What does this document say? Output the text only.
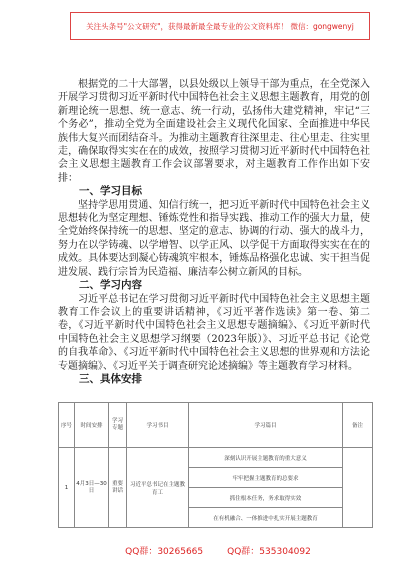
关注头条号"公文研究"，获得最新最全最专业的公文资料库！ 微信：gongwenyj

根据党的二十大部署，以县处级以上领导干部为重点，在全党深入开展学习贯彻习近平新时代中国特色社会主义思想主题教育，用党的创新理论统一思想、统一意志、统一行动，弘扬伟大建党精神，牢记“三个务必”，推动全党为全面建设社会主义现代化国家、全面推进中华民族伟大复兴而团结奋斗。为推动主题教育往深里走、往心里走、往实里走，确保取得实实在在的成效，按照学习贯彻习近平新时代中国特色社会主义思想主题教育工作会议部署要求，对主题教育工作作出如下安排：

一、学习目标

坚持学思用贯通、知信行统一，把习近平新时代中国特色社会主义思想转化为坚定理想、锤炼党性和指导实践、推动工作的强大力量，使全党始终保持统一的思想、坚定的意志、协调的行动、强大的战斗力，努力在以学铸魂、以学增智、以学正风、以学促干方面取得实实在在的成效。具体要达到凝心铸魂筑牢根本，锤炼品格强化忠诚、实干担当促进发展、践行宗旨为民造福、廉洁奉公树立新风的目标。

二、学习内容

习近平总书记在学习贯彻习近平新时代中国特色社会主义思想主题教育工作会议上的重要讲话精神，《习近平著作选读》第一卷、第二卷，《习近平新时代中国特色社会主义思想专题摘编》、《习近平新时代中国特色社会主义思想学习纲要（2023年版）》、习近平总书记《论党的自我革命》、《习近平新时代中国特色社会主义思想的世界观和方法论专题摘编》、《习近平关于调查研究论述摘编》等主题教育学习材料。

三、具体安排

序号	时间安排	学习专题	学习书目	学习篇目	备注
1	4月3日—30日	重要讲话	习近平总书记在主题教育工	深刻认识开展主题教育的重大意义	
				牢牢把握主题教育的总要求	
				抓住根本任务，务求取得实效	
				在有机融合、一体推进中扎实开展主题教育	
QQ群：30265665	QQ群：535304092
